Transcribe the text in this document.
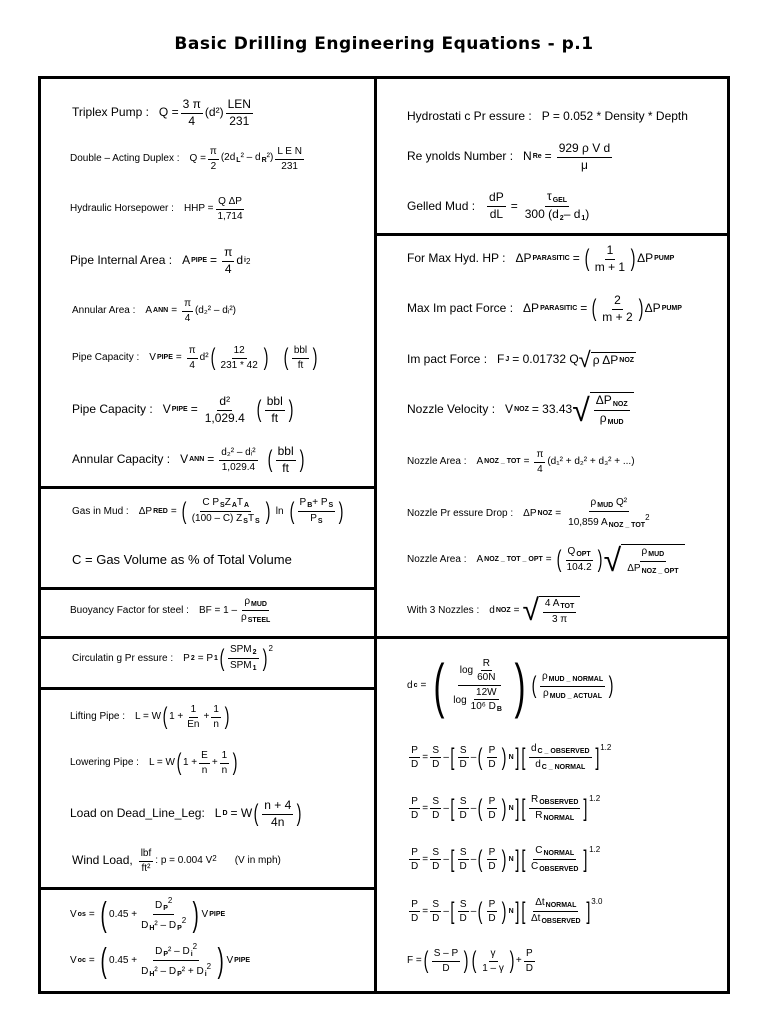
Basic Drilling Engineering Equations - p.1
Triplex Pump : $Q = \frac{3 \pi}{4} (d^2) \frac{\text{LEN}}{231}$
Double – Acting Duplex : $Q = \frac{\pi}{2} (2d_L^2 - d_R^2) \frac{\text{L E N}}{231}$
Hydraulic Horsepower : HHP = $\frac{\text{Q ΔP}}{1,714}$
Pipe Internal Area : A PIPE = $\frac{\pi}{4}$ d i 2
Annular Area : A ANN = $\frac{\pi}{4} (d_2^2$ – dᵢ²)
Pipe Capacity : V PIPE = $\frac{\pi}{4} d^2$ ( $\frac{12}{231 * 42}$ ) ( $\frac{\text{bbl}}{ft}$ )
Pipe Capacity : V PIPE = $\frac{\text{d²}}{1,029.4}$ ( $\frac{\text{bbl}}{ft}$ )
Annular Capacity : V ANN = $\frac{\text{d₂² – dᵢ²}}{1,029.4}$ ( $\frac{\text{bbl}}{ft}$ )
Gas in Mud : ΔP RED = ( $\frac{C P_SZ_AT_A}{(100 - C) Z_ST_S}$ ) ln ( $\frac{P_B+ P_S}{P_S}$ )
C = Gas Volume as % of Total Volume
Buoyancy Factor for steel : BF = $1 - \frac{\rho_{MUD}}{\rho_{STEEL}}$
Circulatin g Pr essure : P 2 = P 1 ( $\frac{SPM_2}{SPM_1}$ ) 2
Lifting Pipe : L = W ( $1 + \frac{1}{En} + \frac{1}{n}$ )
Lowering Pipe : L = W ( $1 + \frac{E}{n} + \frac{1}{n}$ )
Load on Dead_Line_Leg: L D = W ( $\frac{n + 4}{4n}$ )
Wind Load, $\frac{\text{lbf}}{\text{ft²}}$ : p = 0.004 V 2 (V in mph)
V os = ( $0.45 + \frac{D_P^2}{D_H^2 - D_P^2}$ ) V PIPE
V oc = ( $0.45 + \frac{D_P^2 - D_i^2}{D_H^2 - D_P^2 + D_i^2}$ ) V PIPE
Hydrostati c Pr essure : P = 0.052 * Density * Depth
Re ynolds Number : N $Re = \frac{\text{929 ρ V d}}{\mu}$
Gelled Mud : $\frac{dP}{dL} = \frac{\tau_{GEL}}{300 (d_2- d_1)}$
For Max Hyd. HP : ΔP PARASITIC = ( $\frac{1}{m + 1}$ ) ΔP PUMP
Max Im pact Force : ΔP PARASITIC = ( $\frac{2}{m + 2}$ ) ΔP PUMP
Im pact Force : F J = 0.01732 Q √ ρ ΔP NOZ
Nozzle Velocity : V NOZ = 33.43 √ $\frac{\Delta P_{NOZ}}{\rho_{MUD}}$
Nozzle Area : A NOZ _ TOT = $\frac{\pi}{4} (d_1^2 + d_2^2 + d_3^2$ + ...)
Nozzle Pr essure Drop : ΔP NOZ = $\frac{\rho_{MUD} Q^2}{10,859 A_{NOZ \_ TOT}^2}$
Nozzle Area : A NOZ _ TOT _ OPT = ( $\frac{Q_{OPT}}{104.2}$ ) √ $\frac{\rho_{MUD}}{\Delta P_{NOZ \_ OPT}}$
With 3 Nozzles : d NOZ = √ $\frac{4 A_{TOT}}{3 \pi}$
d c = ( $\frac{\log \frac{R}{60N}}{\log \frac{12W}{10^6 D_B}}$ ) ( $\frac{\rho_{MUD \_ NORMAL}}{\rho_{MUD \_ ACTUAL}}$ )
$\frac{P}{D} = \frac{S}{D}$ – [ $\frac{S}{D}$ – ( $\frac{P}{D}$ ) N ] [ $\frac{d_{C \_ OBSERVED}}{d_{C \_ NORMAL}}$ ] 1.2
$\frac{P}{D} = \frac{S}{D}$ – [ $\frac{S}{D}$ – ( $\frac{P}{D}$ ) N ] [ $\frac{R_{OBSERVED}}{R_{NORMAL}}$ ] 1.2
$\frac{P}{D} = \frac{S}{D}$ – [ $\frac{S}{D}$ – ( $\frac{P}{D}$ ) N ] [ $\frac{C_{NORMAL}}{C_{OBSERVED}}$ ] 1.2
$\frac{P}{D} = \frac{S}{D}$ – [ $\frac{S}{D}$ – ( $\frac{P}{D}$ ) N ] [ $\frac{\Delta t_{NORMAL}}{\Delta t_{OBSERVED}}$ ] 3.0
F = ( $\frac{S - P}{D}$ ) ( $\frac{\gamma}{1 - \gamma}$ ) + $\frac{P}{D}$
